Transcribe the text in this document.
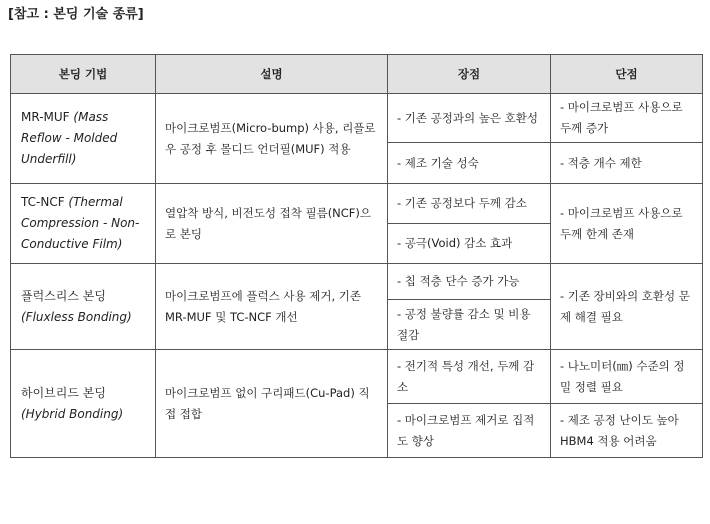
[참고 : 본딩 기술 종류]
본딩 기법	설명	장점	단점
MR-MUF (Mass Reflow - Molded Underfill)	마이크로범프(Micro-bump) 사용, 리플로우 공정 후 몰디드 언더필(MUF) 적용	- 기존 공정과의 높은 호환성	- 마이크로범프 사용으로 두께 증가
		- 제조 기술 성숙	- 적층 개수 제한
TC-NCF (Thermal Compression - Non-Conductive Film)	열압착 방식, 비전도성 접착 필름(NCF)으로 본딩	- 기존 공정보다 두께 감소	- 마이크로범프 사용으로 두께 한계 존재
		- 공극(Void) 감소 효과	
플럭스리스 본딩
(Fluxless Bonding)	마이크로범프에 플럭스 사용 제거, 기존 MR-MUF 및 TC-NCF 개선	- 칩 적층 단수 증가 가능	- 기존 장비와의 호환성 문제 해결 필요
		- 공정 불량률 감소 및 비용 절감	
하이브리드 본딩
(Hybrid Bonding)	마이크로범프 없이 구리패드(Cu-Pad) 직접 접합	- 전기적 특성 개선, 두께 감소	- 나노미터(㎚) 수준의 정밀 정렬 필요
		- 마이크로범프 제거로 집적도 향상	- 제조 공정 난이도 높아 HBM4 적용 어려움
